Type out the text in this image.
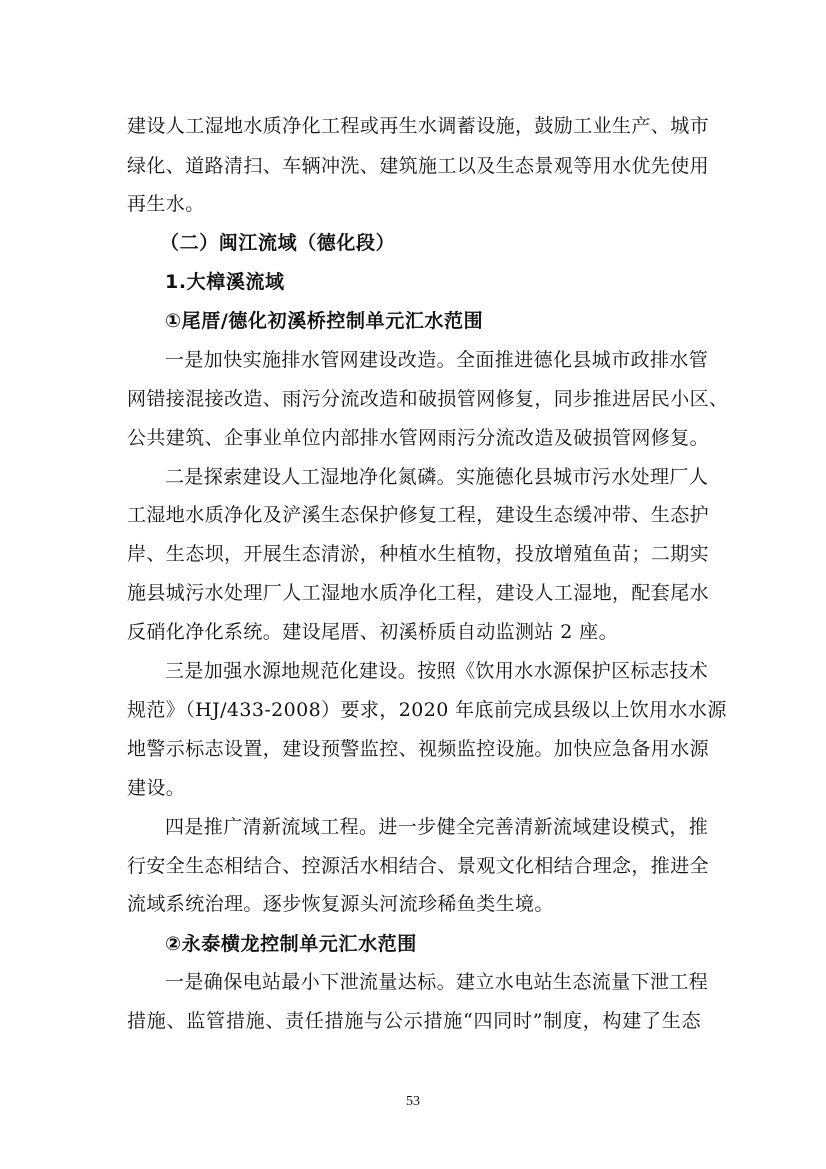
建设人工湿地水质净化工程或再生水调蓄设施，鼓励工业生产、城市
绿化、道路清扫、车辆冲洗、建筑施工以及生态景观等用水优先使用
再生水。
（二）闽江流域（德化段）
1.大樟溪流域
①尾厝/德化初溪桥控制单元汇水范围
一是加快实施排水管网建设改造。全面推进德化县城市政排水管
网错接混接改造、雨污分流改造和破损管网修复，同步推进居民小区、
公共建筑、企事业单位内部排水管网雨污分流改造及破损管网修复。
二是探索建设人工湿地净化氮磷。实施德化县城市污水处理厂人
工湿地水质净化及浐溪生态保护修复工程，建设生态缓冲带、生态护
岸、生态坝，开展生态清淤，种植水生植物，投放增殖鱼苗；二期实
施县城污水处理厂人工湿地水质净化工程，建设人工湿地，配套尾水
反硝化净化系统。建设尾厝、初溪桥质自动监测站 2 座。
三是加强水源地规范化建设。按照《饮用水水源保护区标志技术
规范》（HJ/433-2008）要求，2020 年底前完成县级以上饮用水水源
地警示标志设置，建设预警监控、视频监控设施。加快应急备用水源
建设。
四是推广清新流域工程。进一步健全完善清新流域建设模式，推
行安全生态相结合、控源活水相结合、景观文化相结合理念，推进全
流域系统治理。逐步恢复源头河流珍稀鱼类生境。
②永泰横龙控制单元汇水范围
一是确保电站最小下泄流量达标。建立水电站生态流量下泄工程
措施、监管措施、责任措施与公示措施“四同时”制度，构建了生态
53
